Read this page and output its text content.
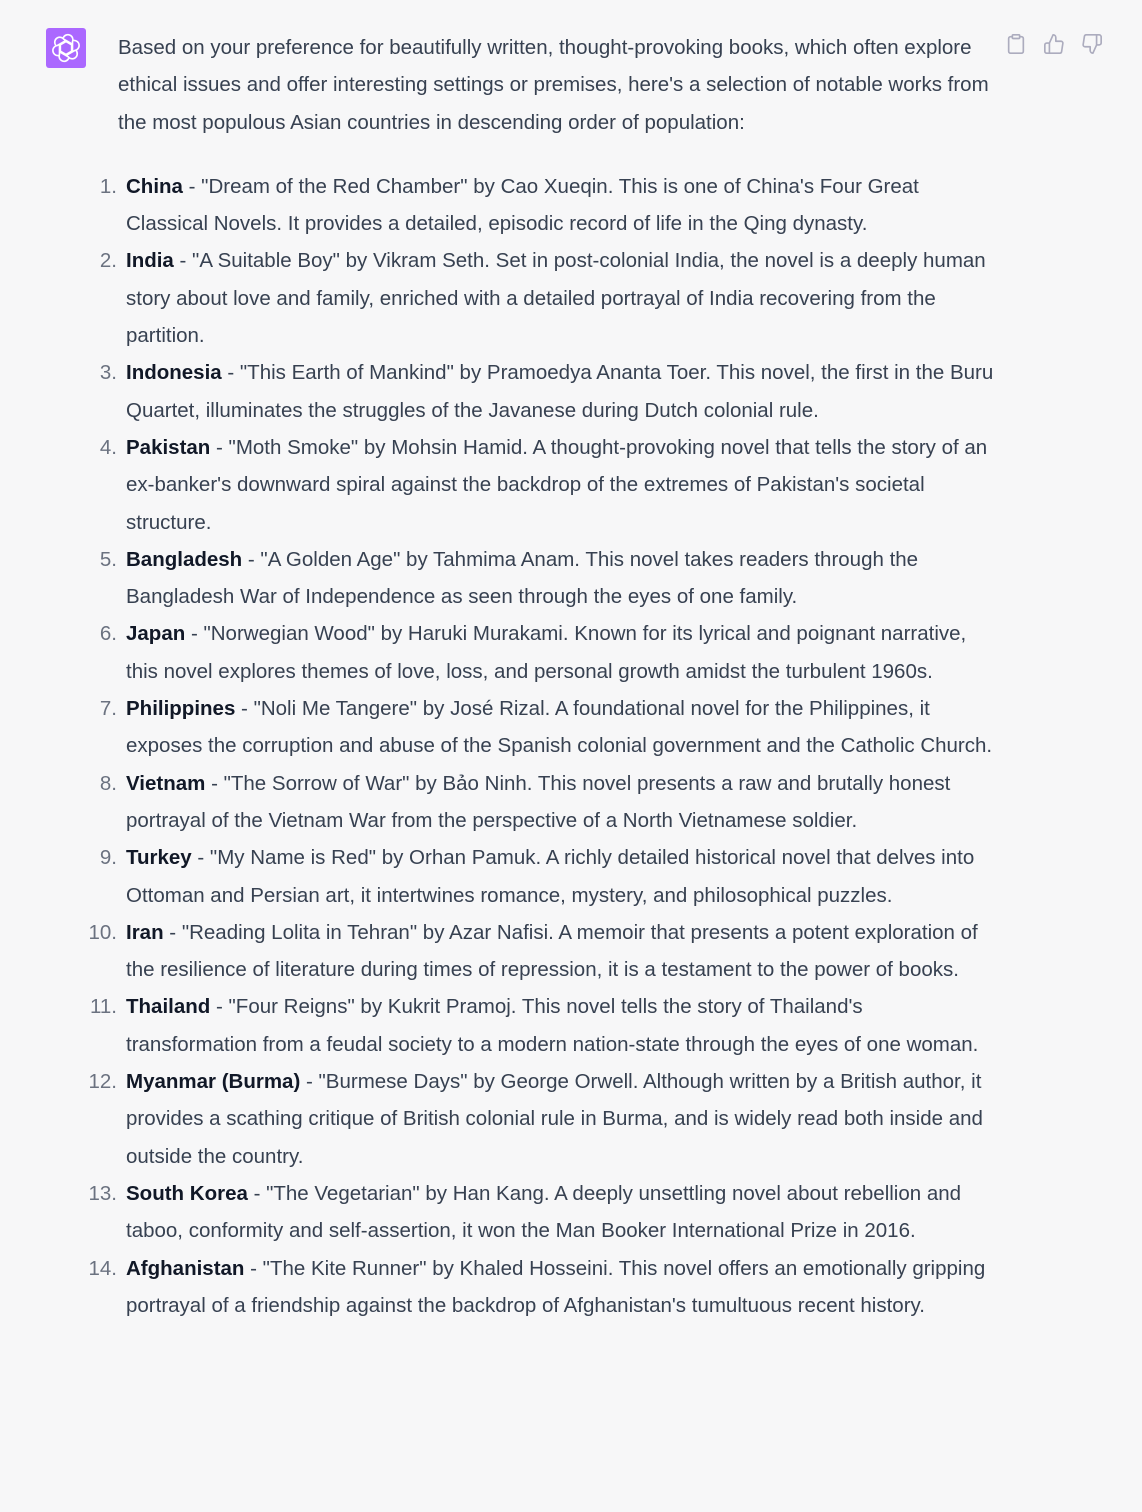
Based on your preference for beautifully written, thought-provoking books, which often explore ethical issues and offer interesting settings or premises, here's a selection of notable works from the most populous Asian countries in descending order of population:

1. China - "Dream of the Red Chamber" by Cao Xueqin. This is one of China's Four Great Classical Novels. It provides a detailed, episodic record of life in the Qing dynasty.
2. India - "A Suitable Boy" by Vikram Seth. Set in post-colonial India, the novel is a deeply human story about love and family, enriched with a detailed portrayal of India recovering from the partition.
3. Indonesia - "This Earth of Mankind" by Pramoedya Ananta Toer. This novel, the first in the Buru Quartet, illuminates the struggles of the Javanese during Dutch colonial rule.
4. Pakistan - "Moth Smoke" by Mohsin Hamid. A thought-provoking novel that tells the story of an ex-banker's downward spiral against the backdrop of the extremes of Pakistan's societal structure.
5. Bangladesh - "A Golden Age" by Tahmima Anam. This novel takes readers through the Bangladesh War of Independence as seen through the eyes of one family.
6. Japan - "Norwegian Wood" by Haruki Murakami. Known for its lyrical and poignant narrative, this novel explores themes of love, loss, and personal growth amidst the turbulent 1960s.
7. Philippines - "Noli Me Tangere" by José Rizal. A foundational novel for the Philippines, it exposes the corruption and abuse of the Spanish colonial government and the Catholic Church.
8. Vietnam - "The Sorrow of War" by Bảo Ninh. This novel presents a raw and brutally honest portrayal of the Vietnam War from the perspective of a North Vietnamese soldier.
9. Turkey - "My Name is Red" by Orhan Pamuk. A richly detailed historical novel that delves into Ottoman and Persian art, it intertwines romance, mystery, and philosophical puzzles.
10. Iran - "Reading Lolita in Tehran" by Azar Nafisi. A memoir that presents a potent exploration of the resilience of literature during times of repression, it is a testament to the power of books.
11. Thailand - "Four Reigns" by Kukrit Pramoj. This novel tells the story of Thailand's transformation from a feudal society to a modern nation-state through the eyes of one woman.
12. Myanmar (Burma) - "Burmese Days" by George Orwell. Although written by a British author, it provides a scathing critique of British colonial rule in Burma, and is widely read both inside and outside the country.
13. South Korea - "The Vegetarian" by Han Kang. A deeply unsettling novel about rebellion and taboo, conformity and self-assertion, it won the Man Booker International Prize in 2016.
14. Afghanistan - "The Kite Runner" by Khaled Hosseini. This novel offers an emotionally gripping portrayal of a friendship against the backdrop of Afghanistan's tumultuous recent history.
